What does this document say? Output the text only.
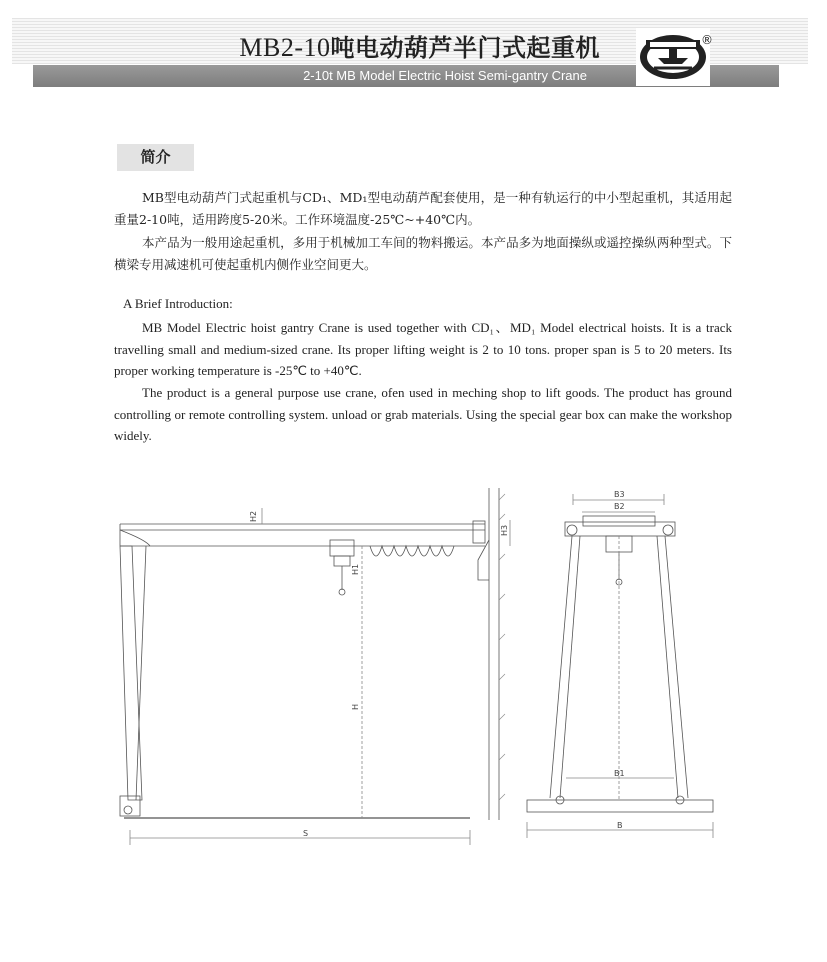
MB2-10吨电动葫芦半门式起重机
2-10t MB Model Electric Hoist Semi-gantry Crane
®
简介

MB型电动葫芦门式起重机与CD₁、MD₁型电动葫芦配套使用，是一种有轨运行的中小型起重机，其适用起重量2-10吨，适用跨度5-20米。工作环境温度-25℃~+40℃内。

本产品为一般用途起重机，多用于机械加工车间的物料搬运。本产品多为地面操纵或遥控操纵两种型式。下横梁专用减速机可使起重机内侧作业空间更大。

A Brief Introduction:

MB Model Electric hoist gantry Crane is used together with CD₁、MD₁ Model electrical hoists. It is a track travelling small and medium-sized crane. Its proper lifting weight is 2 to 10 tons. proper span is 5 to 20 meters. Its proper working temperature is -25℃ to +40℃.

The product is a general purpose use crane, ofen used in meching shop to lift goods. The product has ground controlling or remote controlling system. unload or grab materials. Using the special gear box can make the workshop widely.

H2
H3
H1
H
S
B3
B2
B1
B
